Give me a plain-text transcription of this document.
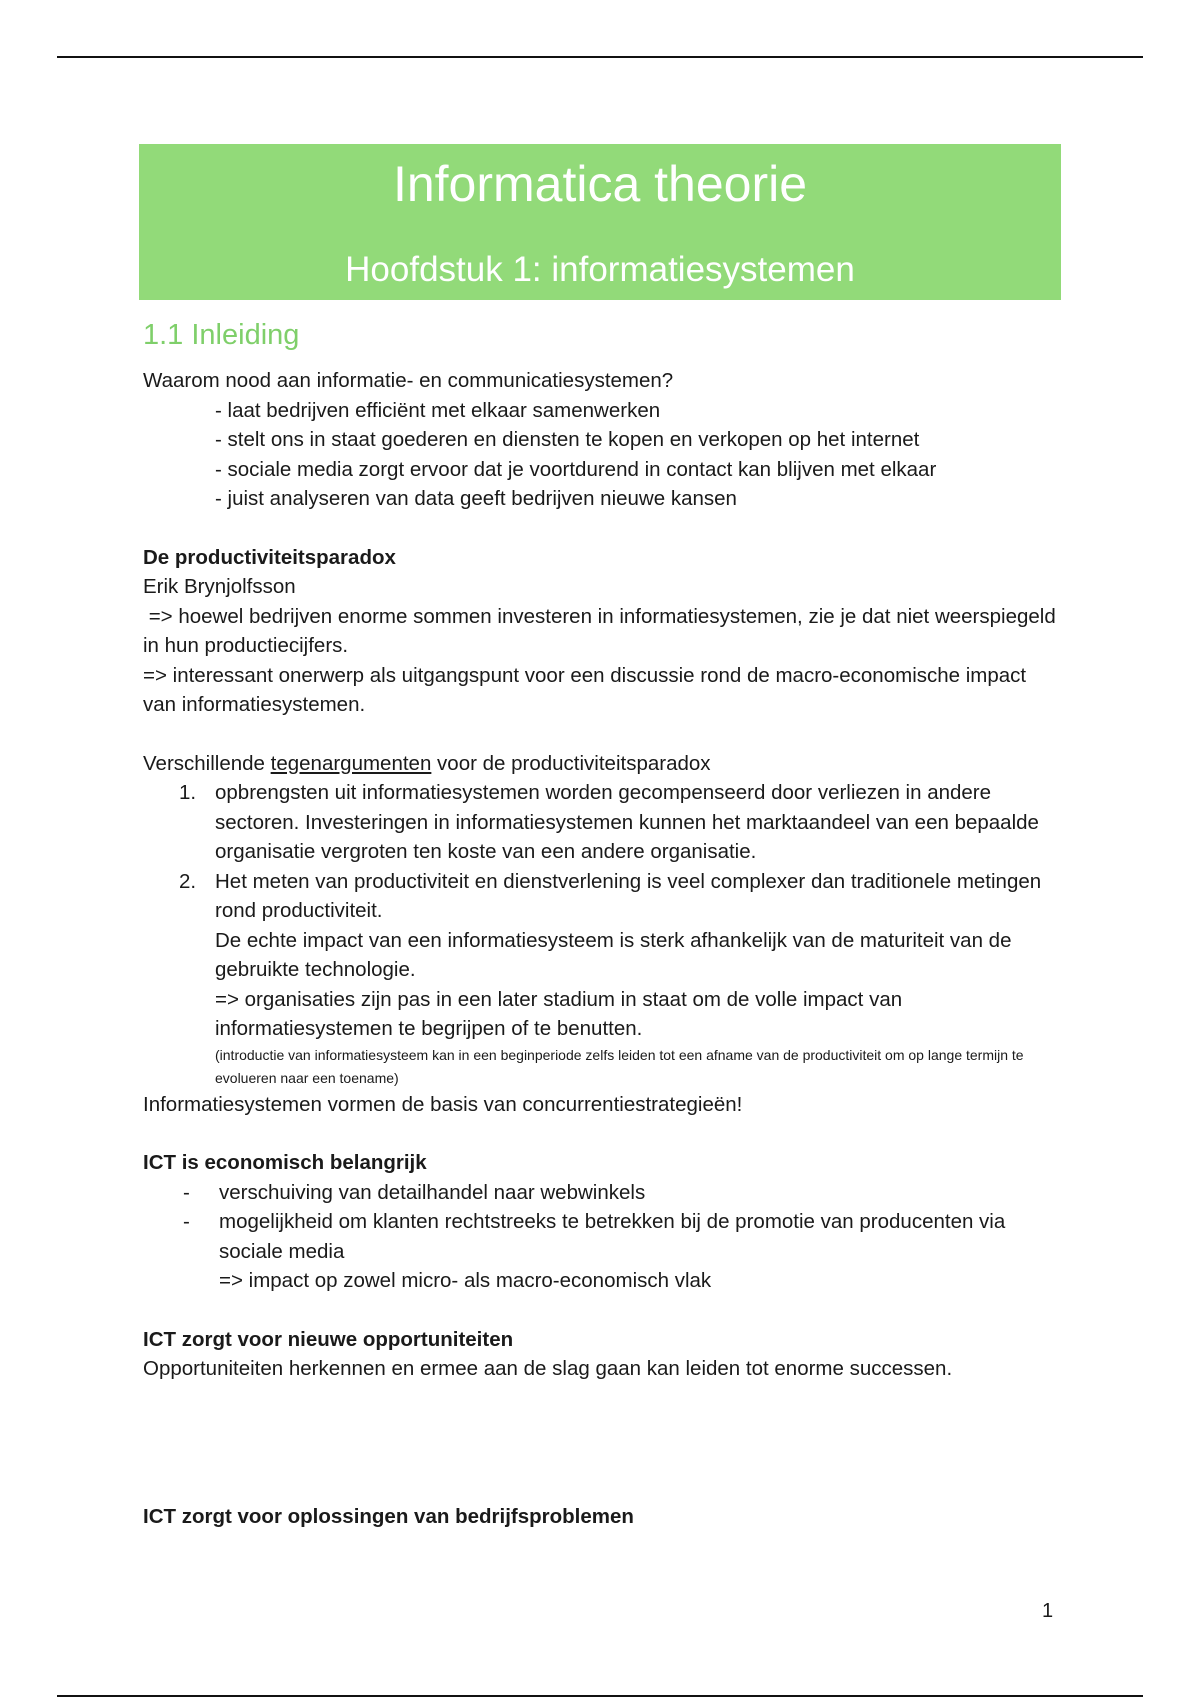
Informatica theorie
Hoofdstuk 1: informatiesystemen
1.1 Inleiding

Waarom nood aan informatie- en communicatiesystemen?

- laat bedrijven efficiënt met elkaar samenwerken
- stelt ons in staat goederen en diensten te kopen en verkopen op het internet
- sociale media zorgt ervoor dat je voortdurend in contact kan blijven met elkaar
- juist analyseren van data geeft bedrijven nieuwe kansen

De productiviteitsparadox

Erik Brynjolfsson

=> hoewel bedrijven enorme sommen investeren in informatiesystemen, zie je dat niet weerspiegeld in hun productiecijfers.

=> interessant onerwerp als uitgangspunt voor een discussie rond de macro-economische impact van informatiesystemen.

Verschillende tegenargumenten voor de productiviteitsparadox

1. opbrengsten uit informatiesystemen worden gecompenseerd door verliezen in andere sectoren. Investeringen in informatiesystemen kunnen het marktaandeel van een bepaalde organisatie vergroten ten koste van een andere organisatie.
2. Het meten van productiviteit en dienstverlening is veel complexer dan traditionele metingen rond productiviteit.
De echte impact van een informatiesysteem is sterk afhankelijk van de maturiteit van de gebruikte technologie.
=> organisaties zijn pas in een later stadium in staat om de volle impact van informatiesystemen te begrijpen of te benutten.
(introductie van informatiesysteem kan in een beginperiode zelfs leiden tot een afname van de productiviteit om op lange termijn te evolueren naar een toename)

Informatiesystemen vormen de basis van concurrentiestrategieën!

ICT is economisch belangrijk

- verschuiving van detailhandel naar webwinkels
- mogelijkheid om klanten rechtstreeks te betrekken bij de promotie van producenten via sociale media
=> impact op zowel micro- als macro-economisch vlak

ICT zorgt voor nieuwe opportuniteiten

Opportuniteiten herkennen en ermee aan de slag gaan kan leiden tot enorme successen.

ICT zorgt voor oplossingen van bedrijfsproblemen

1
